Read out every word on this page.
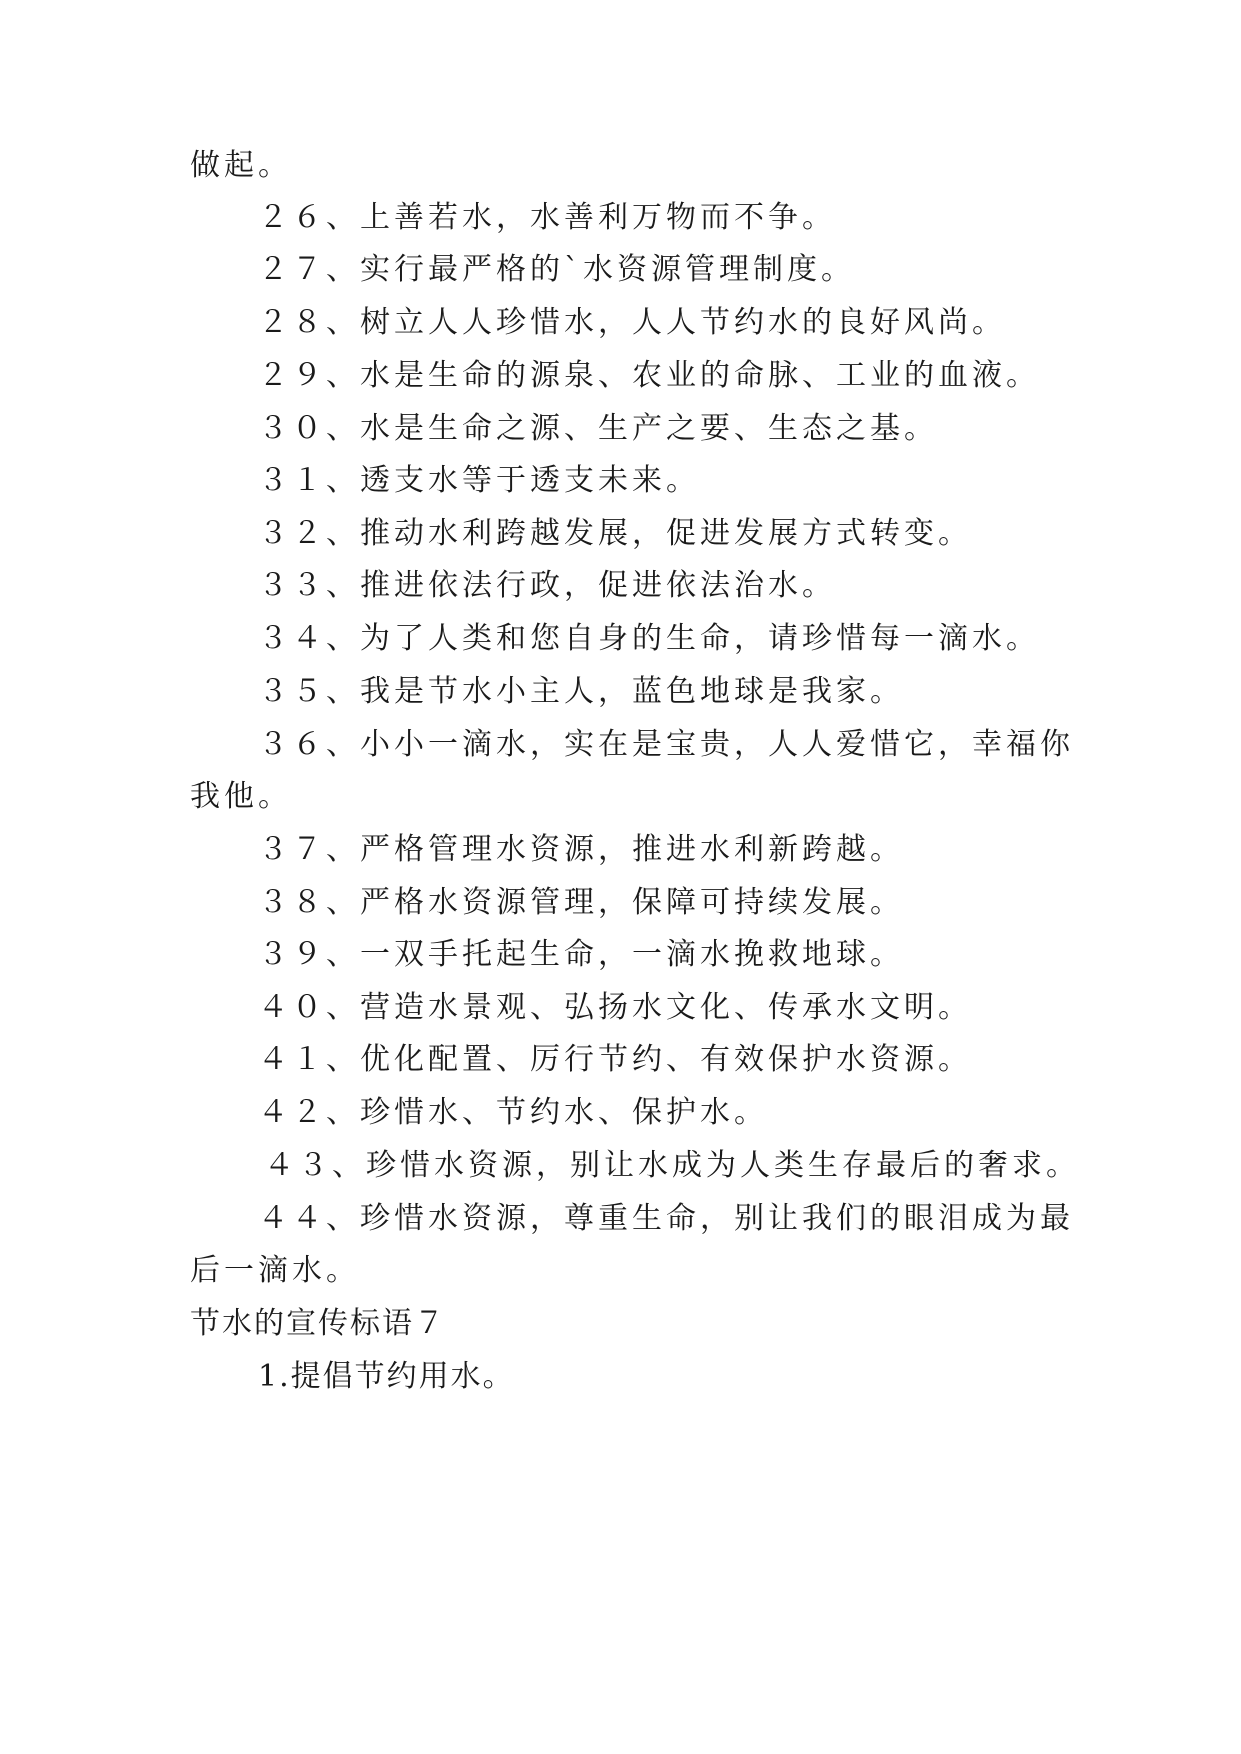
做起。
２６、上善若水，水善利万物而不争。
２７、实行最严格的`水资源管理制度。
２８、树立人人珍惜水，人人节约水的良好风尚。
２９、水是生命的源泉、农业的命脉、工业的血液。
３０、水是生命之源、生产之要、生态之基。
３１、透支水等于透支未来。
３２、推动水利跨越发展，促进发展方式转变。
３３、推进依法行政，促进依法治水。
３４、为了人类和您自身的生命，请珍惜每一滴水。
３５、我是节水小主人，蓝色地球是我家。
３６、小小一滴水，实在是宝贵，人人爱惜它，幸福你
我他。
３７、严格管理水资源，推进水利新跨越。
３８、严格水资源管理，保障可持续发展。
３９、一双手托起生命，一滴水挽救地球。
４０、营造水景观、弘扬水文化、传承水文明。
４１、优化配置、厉行节约、有效保护水资源。
４２、珍惜水、节约水、保护水。
４３、珍惜水资源，别让水成为人类生存最后的奢求。
４４、珍惜水资源，尊重生命，别让我们的眼泪成为最
后一滴水。
节水的宣传标语７
1.提倡节约用水。
